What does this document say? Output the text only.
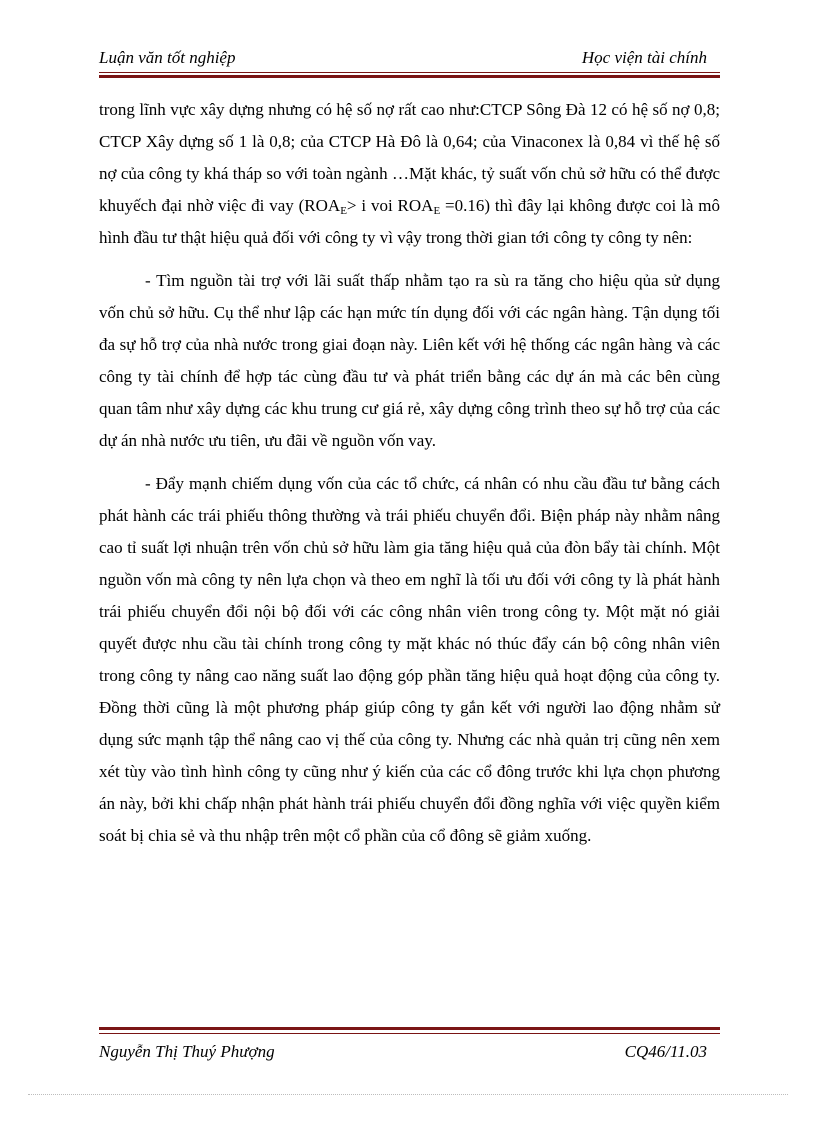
Luận văn tốt nghiệp	Học viện tài chính

trong lĩnh vực xây dựng nhưng có hệ số nợ rất cao như:CTCP Sông Đà 12 có hệ số nợ 0,8; CTCP Xây dựng số 1 là 0,8; của CTCP Hà Đô là 0,64; của Vinaconex là 0,84 vì thế hệ số nợ của công ty khá tháp so với toàn ngành …Mặt khác, tỷ suất vốn chủ sở hữu có thể được khuyếch đại nhờ việc đi vay ($ROA_E> i$ voi $ROA_E =0.16$) thì đây lại không được coi là mô hình đầu tư thật hiệu quả đối với công ty vì vậy trong thời gian tới công ty công ty nên:

- Tìm nguồn tài trợ với lãi suất thấp nhằm tạo ra sù ra tăng cho hiệu qủa sử dụng vốn chủ sở hữu. Cụ thể như lập các hạn mức tín dụng đối với các ngân hàng. Tận dụng tối đa sự hỗ trợ của nhà nước trong giai đoạn này. Liên kết với hệ thống các ngân hàng và các công ty tài chính để hợp tác cùng đầu tư và phát triển bằng các dự án mà các bên cùng quan tâm như xây dựng các khu trung cư giá rẻ, xây dựng công trình theo sự hỗ trợ của các dự án nhà nước ưu tiên, ưu đãi về nguồn vốn vay.

- Đẩy mạnh chiếm dụng vốn của các tổ chức, cá nhân có nhu cầu đầu tư bằng cách phát hành các trái phiếu thông thường và trái phiếu chuyển đổi. Biện pháp này nhằm nâng cao tỉ suất lợi nhuận trên vốn chủ sở hữu làm gia tăng hiệu quả của đòn bẩy tài chính. Một nguồn vốn mà công ty nên lựa chọn và theo em nghĩ là tối ưu đối với công ty là phát hành trái phiếu chuyển đổi nội bộ đối với các công nhân viên trong công ty. Một mặt nó giải quyết được nhu cầu tài chính trong công ty mặt khác nó thúc đẩy cán bộ công nhân viên trong công ty nâng cao năng suất lao động góp phần tăng hiệu quả hoạt động của công ty. Đồng thời cũng là một phương pháp giúp công ty gắn kết với người lao động nhằm sử dụng sức mạnh tập thể nâng cao vị thế của công ty. Nhưng các nhà quản trị cũng nên xem xét tùy vào tình hình công ty cũng như ý kiến của các cổ đông trước khi lựa chọn phương án này, bởi khi chấp nhận phát hành trái phiếu chuyển đổi đồng nghĩa với việc quyền kiểm soát bị chia sẻ và thu nhập trên một cổ phần của cổ đông sẽ giảm xuống.

Nguyễn Thị Thuý Phượng	CQ46/11.03
